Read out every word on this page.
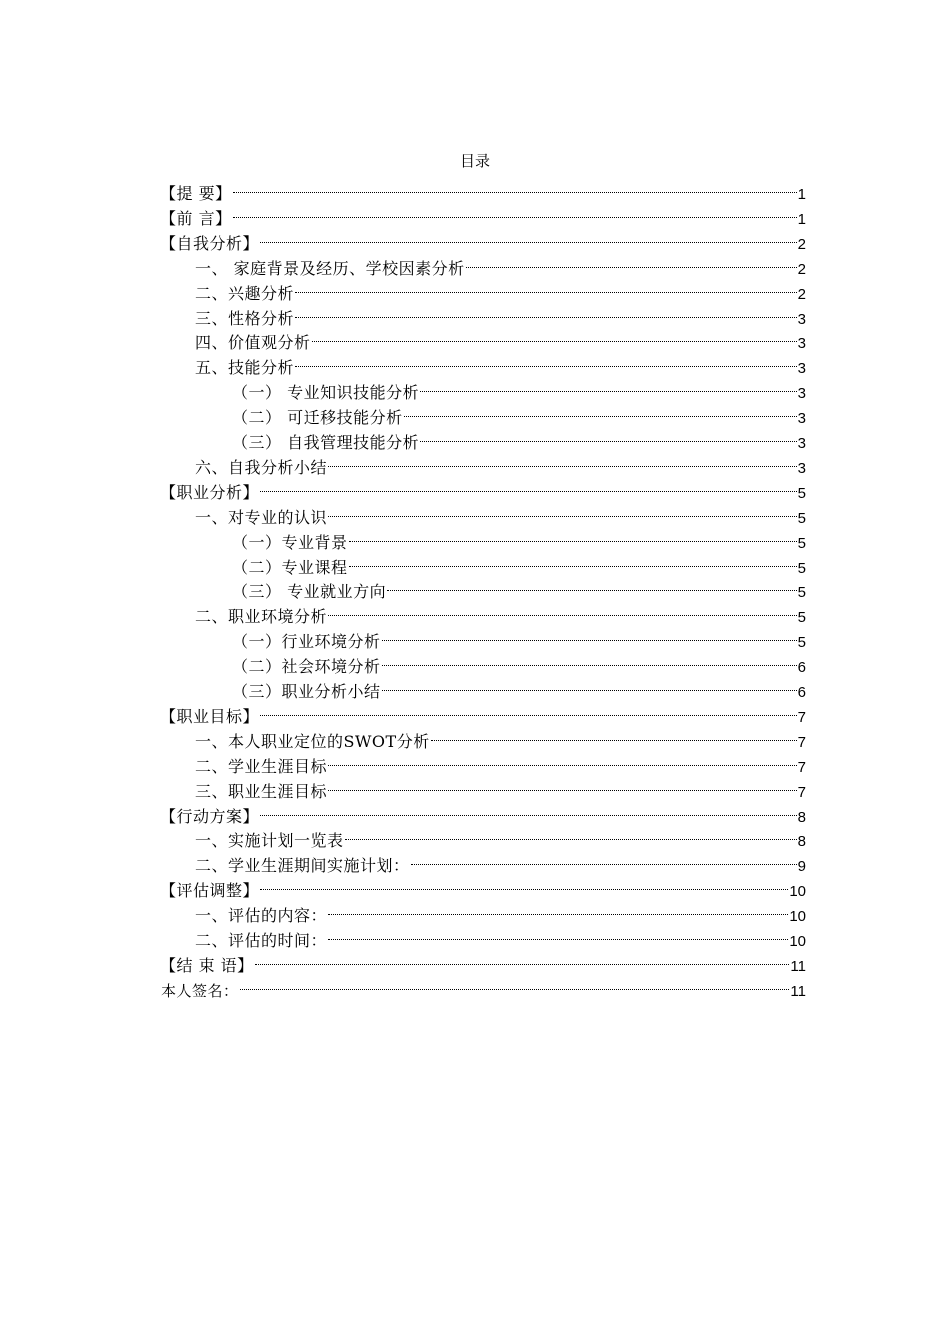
目录
【提 要】	1
【前 言】	1
【自我分析】	2
一、 家庭背景及经历、学校因素分析	2
二、兴趣分析	2
三、性格分析	3
四、价值观分析	3
五、技能分析	3
（一） 专业知识技能分析	3
（二） 可迁移技能分析	3
（三） 自我管理技能分析	3
六、自我分析小结	3
【职业分析】	5
一、对专业的认识	5
（一）专业背景	5
（二）专业课程	5
（三） 专业就业方向	5
二、职业环境分析	5
（一）行业环境分析	5
（二）社会环境分析	6
（三）职业分析小结	6
【职业目标】	7
一、本人职业定位的SWOT分析	7
二、学业生涯目标	7
三、职业生涯目标	7
【行动方案】	8
一、实施计划一览表	8
二、学业生涯期间实施计划：	9
【评估调整】	10
一、评估的内容：	10
二、评估的时间：	10
【结 束 语】	11
本人签名：	11
